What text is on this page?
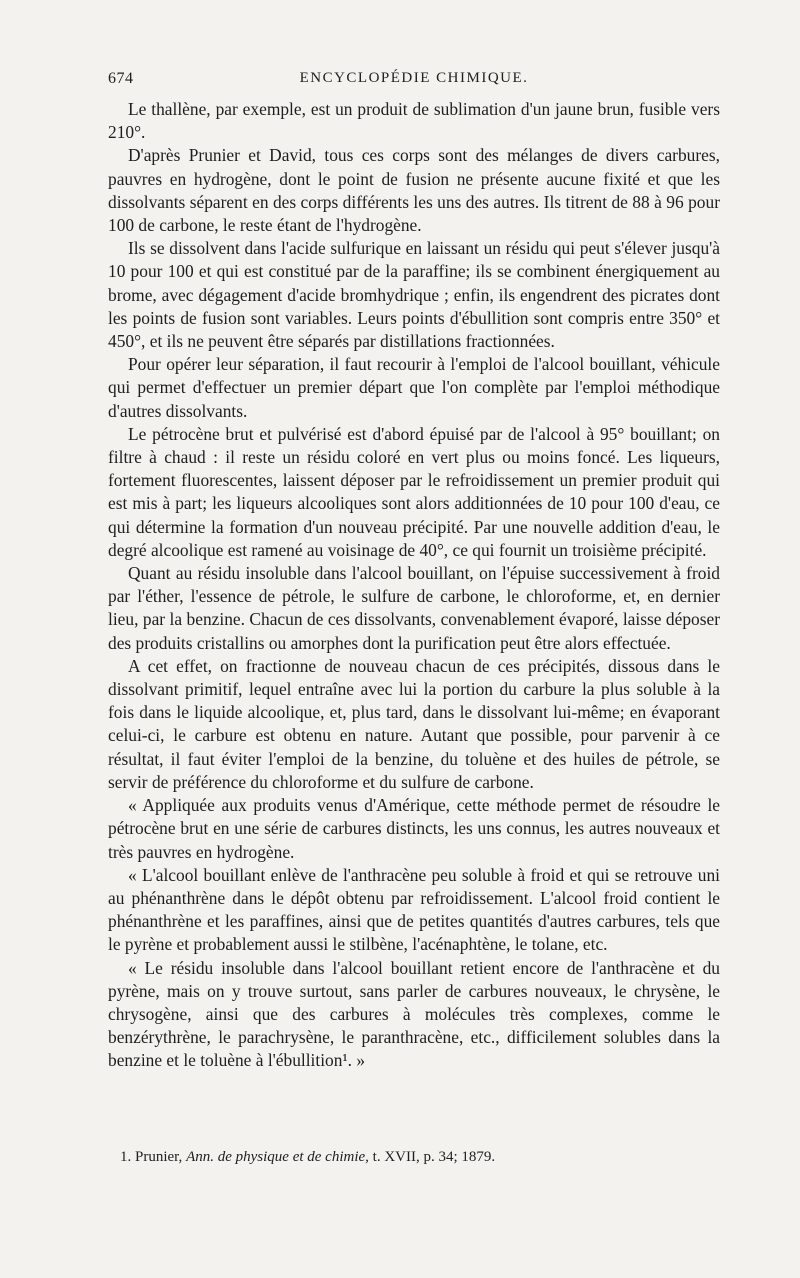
674	ENCYCLOPÉDIE CHIMIQUE.

Le thallène, par exemple, est un produit de sublimation d'un jaune brun, fusible vers 210°.

D'après Prunier et David, tous ces corps sont des mélanges de divers carbures, pauvres en hydrogène, dont le point de fusion ne présente aucune fixité et que les dissolvants séparent en des corps différents les uns des autres. Ils titrent de 88 à 96 pour 100 de carbone, le reste étant de l'hydrogène.

Ils se dissolvent dans l'acide sulfurique en laissant un résidu qui peut s'élever jusqu'à 10 pour 100 et qui est constitué par de la paraffine; ils se combinent énergiquement au brome, avec dégagement d'acide bromhydrique ; enfin, ils engendrent des picrates dont les points de fusion sont variables. Leurs points d'ébullition sont compris entre 350° et 450°, et ils ne peuvent être séparés par distillations fractionnées.

Pour opérer leur séparation, il faut recourir à l'emploi de l'alcool bouillant, véhicule qui permet d'effectuer un premier départ que l'on complète par l'emploi méthodique d'autres dissolvants.

Le pétrocène brut et pulvérisé est d'abord épuisé par de l'alcool à 95° bouillant; on filtre à chaud : il reste un résidu coloré en vert plus ou moins foncé. Les liqueurs, fortement fluorescentes, laissent déposer par le refroidissement un premier produit qui est mis à part; les liqueurs alcooliques sont alors additionnées de 10 pour 100 d'eau, ce qui détermine la formation d'un nouveau précipité. Par une nouvelle addition d'eau, le degré alcoolique est ramené au voisinage de 40°, ce qui fournit un troisième précipité.

Quant au résidu insoluble dans l'alcool bouillant, on l'épuise successivement à froid par l'éther, l'essence de pétrole, le sulfure de carbone, le chloroforme, et, en dernier lieu, par la benzine. Chacun de ces dissolvants, convenablement évaporé, laisse déposer des produits cristallins ou amorphes dont la purification peut être alors effectuée.

A cet effet, on fractionne de nouveau chacun de ces précipités, dissous dans le dissolvant primitif, lequel entraîne avec lui la portion du carbure la plus soluble à la fois dans le liquide alcoolique, et, plus tard, dans le dissolvant lui-même; en évaporant celui-ci, le carbure est obtenu en nature. Autant que possible, pour parvenir à ce résultat, il faut éviter l'emploi de la benzine, du toluène et des huiles de pétrole, se servir de préférence du chloroforme et du sulfure de carbone.

« Appliquée aux produits venus d'Amérique, cette méthode permet de résoudre le pétrocène brut en une série de carbures distincts, les uns connus, les autres nouveaux et très pauvres en hydrogène.

« L'alcool bouillant enlève de l'anthracène peu soluble à froid et qui se retrouve uni au phénanthrène dans le dépôt obtenu par refroidissement. L'alcool froid contient le phénanthrène et les paraffines, ainsi que de petites quantités d'autres carbures, tels que le pyrène et probablement aussi le stilbène, l'acénaphtène, le tolane, etc.

« Le résidu insoluble dans l'alcool bouillant retient encore de l'anthracène et du pyrène, mais on y trouve surtout, sans parler de carbures nouveaux, le chrysène, le chrysogène, ainsi que des carbures à molécules très complexes, comme le benzérythrène, le parachrysène, le paranthracène, etc., difficilement solubles dans la benzine et le toluène à l'ébullition¹. »

1. Prunier, Ann. de physique et de chimie, t. XVII, p. 34; 1879.
